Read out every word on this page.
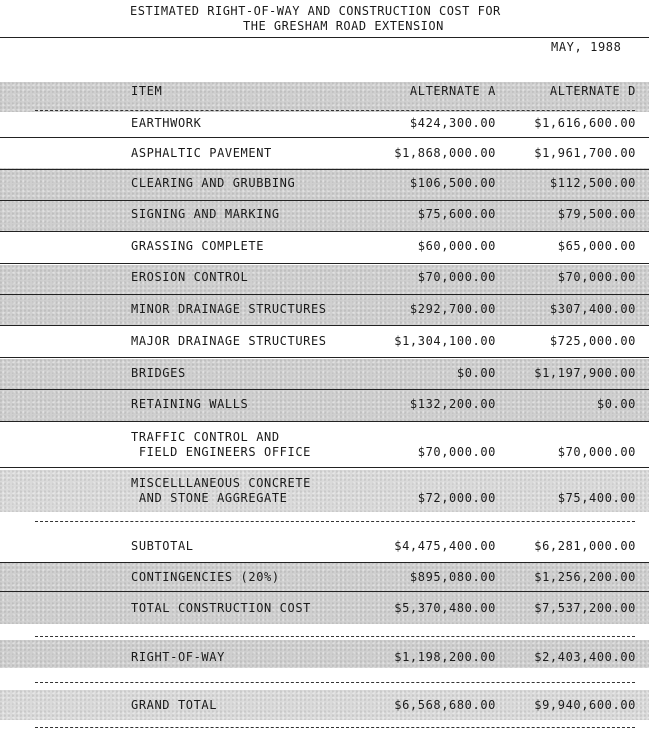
ESTIMATED RIGHT-OF-WAY AND CONSTRUCTION COST FOR
THE GRESHAM ROAD EXTENSION
MAY, 1988
ITEM	ALTERNATE A	ALTERNATE D
EARTHWORK	$424,300.00	$1,616,600.00
ASPHALTIC PAVEMENT	$1,868,000.00	$1,961,700.00
CLEARING AND GRUBBING	$106,500.00	$112,500.00
SIGNING AND MARKING	$75,600.00	$79,500.00
GRASSING COMPLETE	$60,000.00	$65,000.00
EROSION CONTROL	$70,000.00	$70,000.00
MINOR DRAINAGE STRUCTURES	$292,700.00	$307,400.00
MAJOR DRAINAGE STRUCTURES	$1,304,100.00	$725,000.00
BRIDGES	$0.00	$1,197,900.00
RETAINING WALLS	$132,200.00	$0.00
TRAFFIC CONTROL AND
FIELD ENGINEERS OFFICE	$70,000.00	$70,000.00
MISCELLLANEOUS CONCRETE
AND STONE AGGREGATE	$72,000.00	$75,400.00
SUBTOTAL	$4,475,400.00	$6,281,000.00
CONTINGENCIES (20%)	$895,080.00	$1,256,200.00
TOTAL CONSTRUCTION COST	$5,370,480.00	$7,537,200.00
RIGHT-OF-WAY	$1,198,200.00	$2,403,400.00
GRAND TOTAL	$6,568,680.00	$9,940,600.00
